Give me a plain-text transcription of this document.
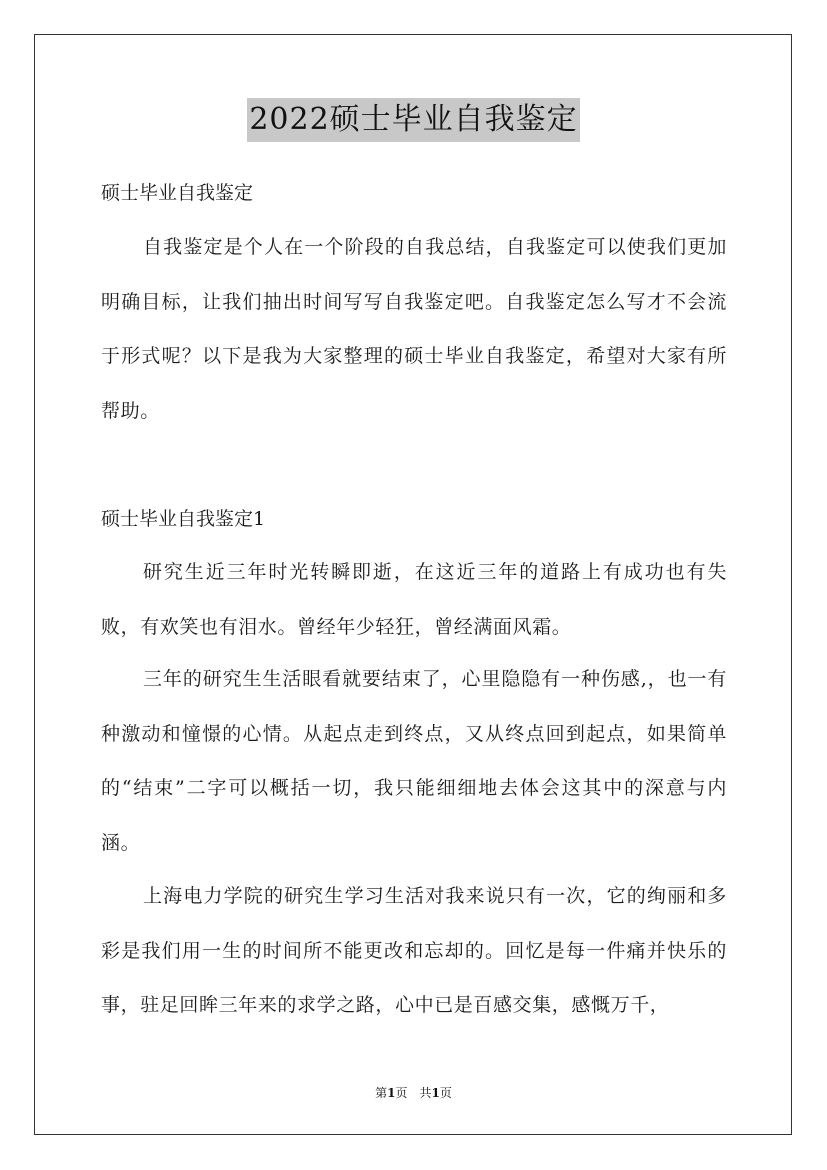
2022硕士毕业自我鉴定
硕士毕业自我鉴定

自我鉴定是个人在一个阶段的自我总结，自我鉴定可以使我们更加明确目标，让我们抽出时间写写自我鉴定吧。自我鉴定怎么写才不会流于形式呢？以下是我为大家整理的硕士毕业自我鉴定，希望对大家有所帮助。

硕士毕业自我鉴定1

研究生近三年时光转瞬即逝，在这近三年的道路上有成功也有失败，有欢笑也有泪水。曾经年少轻狂，曾经满面风霜。

三年的研究生生活眼看就要结束了，心里隐隐有一种伤感,，也一有种激动和憧憬的心情。从起点走到终点，又从终点回到起点，如果简单的“结束”二字可以概括一切，我只能细细地去体会这其中的深意与内涵。

上海电力学院的研究生学习生活对我来说只有一次，它的绚丽和多彩是我们用一生的时间所不能更改和忘却的。回忆是每一件痛并快乐的事，驻足回眸三年来的求学之路，心中已是百感交集，感慨万千，

第1页　共1页
